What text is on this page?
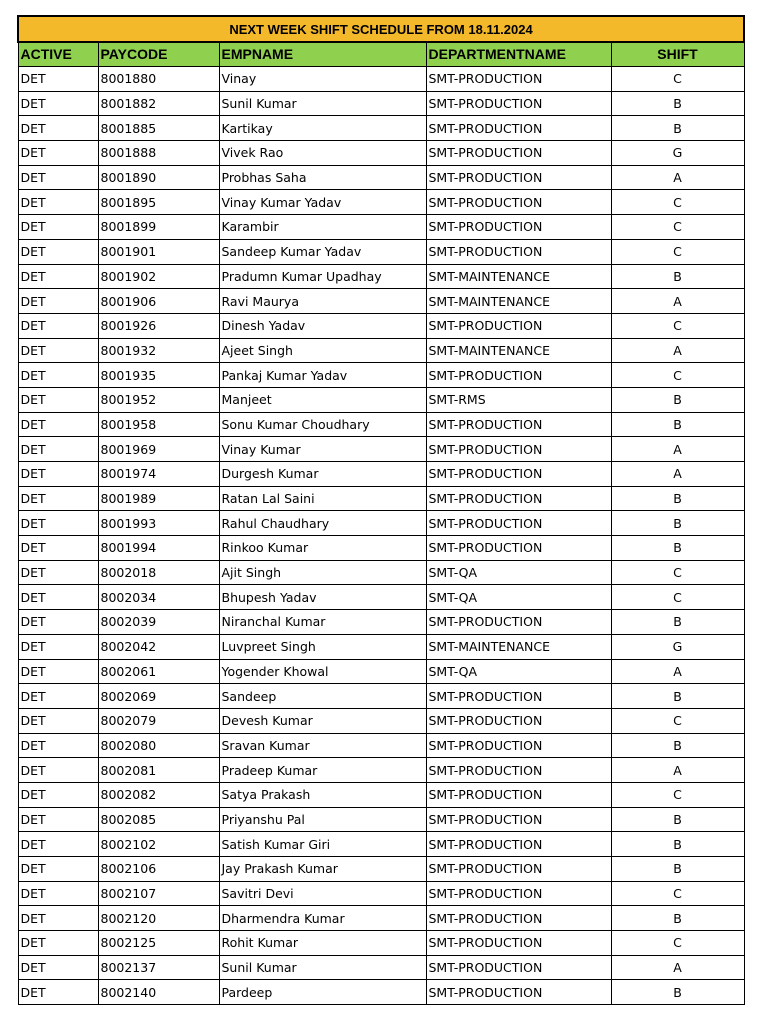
NEXT WEEK SHIFT SCHEDULE FROM 18.11.2024				
ACTIVE	PAYCODE	EMPNAME	DEPARTMENTNAME	SHIFT
DET	8001880	Vinay	SMT-PRODUCTION	C
DET	8001882	Sunil Kumar	SMT-PRODUCTION	B
DET	8001885	Kartikay	SMT-PRODUCTION	B
DET	8001888	Vivek Rao	SMT-PRODUCTION	G
DET	8001890	Probhas Saha	SMT-PRODUCTION	A
DET	8001895	Vinay Kumar Yadav	SMT-PRODUCTION	C
DET	8001899	Karambir	SMT-PRODUCTION	C
DET	8001901	Sandeep Kumar Yadav	SMT-PRODUCTION	C
DET	8001902	Pradumn Kumar Upadhay	SMT-MAINTENANCE	B
DET	8001906	Ravi Maurya	SMT-MAINTENANCE	A
DET	8001926	Dinesh Yadav	SMT-PRODUCTION	C
DET	8001932	Ajeet Singh	SMT-MAINTENANCE	A
DET	8001935	Pankaj Kumar Yadav	SMT-PRODUCTION	C
DET	8001952	Manjeet	SMT-RMS	B
DET	8001958	Sonu Kumar Choudhary	SMT-PRODUCTION	B
DET	8001969	Vinay Kumar	SMT-PRODUCTION	A
DET	8001974	Durgesh Kumar	SMT-PRODUCTION	A
DET	8001989	Ratan Lal Saini	SMT-PRODUCTION	B
DET	8001993	Rahul Chaudhary	SMT-PRODUCTION	B
DET	8001994	Rinkoo Kumar	SMT-PRODUCTION	B
DET	8002018	Ajit Singh	SMT-QA	C
DET	8002034	Bhupesh Yadav	SMT-QA	C
DET	8002039	Niranchal Kumar	SMT-PRODUCTION	B
DET	8002042	Luvpreet Singh	SMT-MAINTENANCE	G
DET	8002061	Yogender Khowal	SMT-QA	A
DET	8002069	Sandeep	SMT-PRODUCTION	B
DET	8002079	Devesh Kumar	SMT-PRODUCTION	C
DET	8002080	Sravan Kumar	SMT-PRODUCTION	B
DET	8002081	Pradeep Kumar	SMT-PRODUCTION	A
DET	8002082	Satya Prakash	SMT-PRODUCTION	C
DET	8002085	Priyanshu Pal	SMT-PRODUCTION	B
DET	8002102	Satish Kumar Giri	SMT-PRODUCTION	B
DET	8002106	Jay Prakash Kumar	SMT-PRODUCTION	B
DET	8002107	Savitri Devi	SMT-PRODUCTION	C
DET	8002120	Dharmendra Kumar	SMT-PRODUCTION	B
DET	8002125	Rohit Kumar	SMT-PRODUCTION	C
DET	8002137	Sunil Kumar	SMT-PRODUCTION	A
DET	8002140	Pardeep	SMT-PRODUCTION	B
